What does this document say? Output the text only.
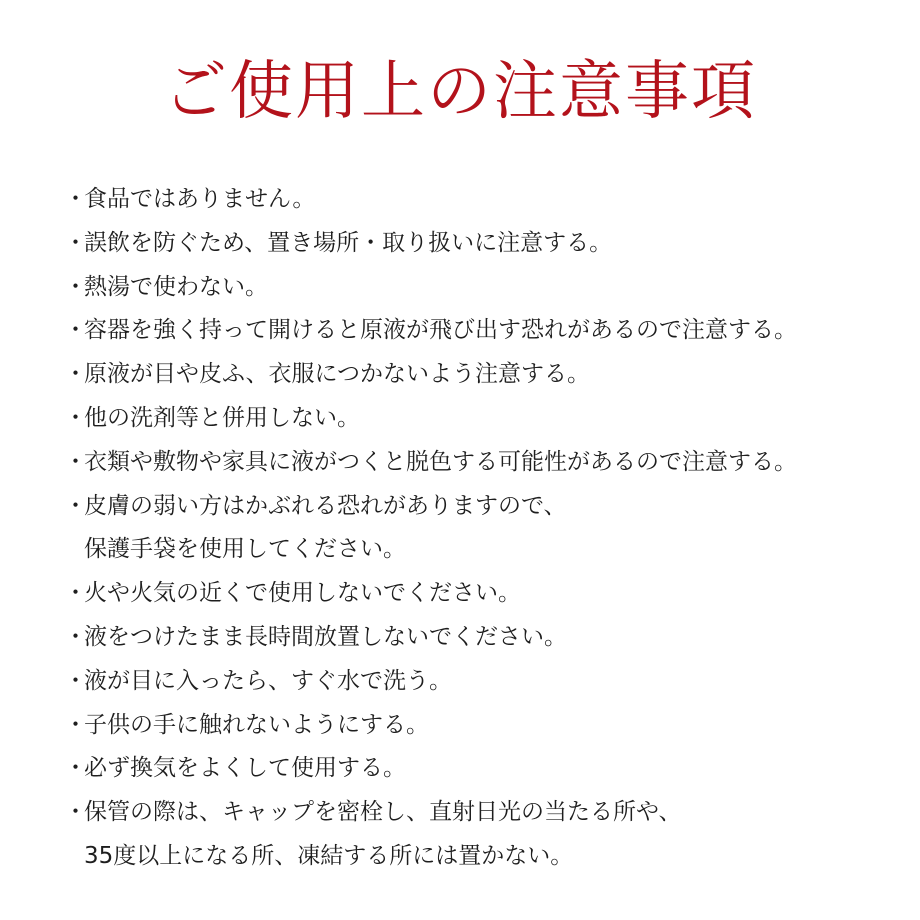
ご使用上の注意事項
・
食品ではありません。
・
誤飲を防ぐため、置き場所・取り扱いに注意する。
・
熱湯で使わない。
・
容器を強く持って開けると原液が飛び出す恐れがあるので注意する。
・
原液が目や皮ふ、衣服につかないよう注意する。
・
他の洗剤等と併用しない。
・
衣類や敷物や家具に液がつくと脱色する可能性があるので注意する。
・
皮膚の弱い方はかぶれる恐れがありますので、
保護手袋を使用してください。
・
火や火気の近くで使用しないでください。
・
液をつけたまま長時間放置しないでください。
・
液が目に入ったら、すぐ水で洗う。
・
子供の手に触れないようにする。
・
必ず換気をよくして使用する。
・
保管の際は、キャップを密栓し、直射日光の当たる所や、
35度以上になる所、凍結する所には置かない。
